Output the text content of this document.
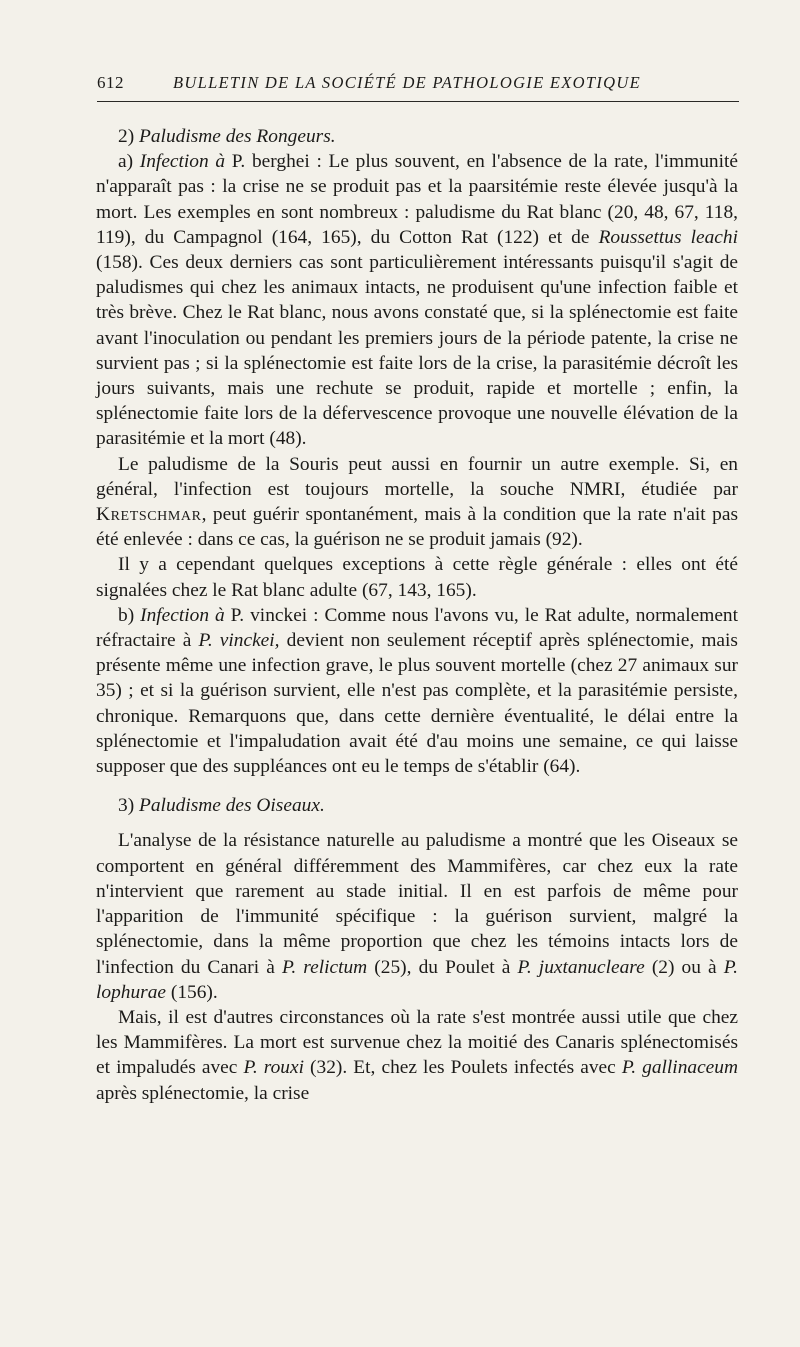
612	BULLETIN DE LA SOCIÉTÉ DE PATHOLOGIE EXOTIQUE

2) Paludisme des Rongeurs.

a) Infection à P. berghei : Le plus souvent, en l'absence de la rate, l'immunité n'apparaît pas : la crise ne se produit pas et la paarsitémie reste élevée jusqu'à la mort. Les exemples en sont nombreux : paludisme du Rat blanc (20, 48, 67, 118, 119), du Campagnol (164, 165), du Cotton Rat (122) et de Roussettus leachi (158). Ces deux derniers cas sont particulièrement intéressants puisqu'il s'agit de paludismes qui chez les animaux intacts, ne produisent qu'une infection faible et très brève. Chez le Rat blanc, nous avons constaté que, si la splénectomie est faite avant l'inoculation ou pendant les premiers jours de la période patente, la crise ne survient pas ; si la splénectomie est faite lors de la crise, la parasitémie décroît les jours suivants, mais une rechute se produit, rapide et mortelle ; enfin, la splénectomie faite lors de la défervescence provoque une nouvelle élévation de la parasitémie et la mort (48).

Le paludisme de la Souris peut aussi en fournir un autre exemple. Si, en général, l'infection est toujours mortelle, la souche NMRI, étudiée par Kretschmar, peut guérir spontanément, mais à la condition que la rate n'ait pas été enlevée : dans ce cas, la guérison ne se produit jamais (92).

Il y a cependant quelques exceptions à cette règle générale : elles ont été signalées chez le Rat blanc adulte (67, 143, 165).

b) Infection à P. vinckei : Comme nous l'avons vu, le Rat adulte, normalement réfractaire à P. vinckei, devient non seulement réceptif après splénectomie, mais présente même une infection grave, le plus souvent mortelle (chez 27 animaux sur 35) ; et si la guérison survient, elle n'est pas complète, et la parasitémie persiste, chronique. Remarquons que, dans cette dernière éventualité, le délai entre la splénectomie et l'impaludation avait été d'au moins une semaine, ce qui laisse supposer que des suppléances ont eu le temps de s'établir (64).

3) Paludisme des Oiseaux.

L'analyse de la résistance naturelle au paludisme a montré que les Oiseaux se comportent en général différemment des Mammifères, car chez eux la rate n'intervient que rarement au stade initial. Il en est parfois de même pour l'apparition de l'immunité spécifique : la guérison survient, malgré la splénectomie, dans la même proportion que chez les témoins intacts lors de l'infection du Canari à P. relictum (25), du Poulet à P. juxtanucleare (2) ou à P. lophurae (156).

Mais, il est d'autres circonstances où la rate s'est montrée aussi utile que chez les Mammifères. La mort est survenue chez la moitié des Canaris splénectomisés et impaludés avec P. rouxi (32). Et, chez les Poulets infectés avec P. gallinaceum après splénectomie, la crise
